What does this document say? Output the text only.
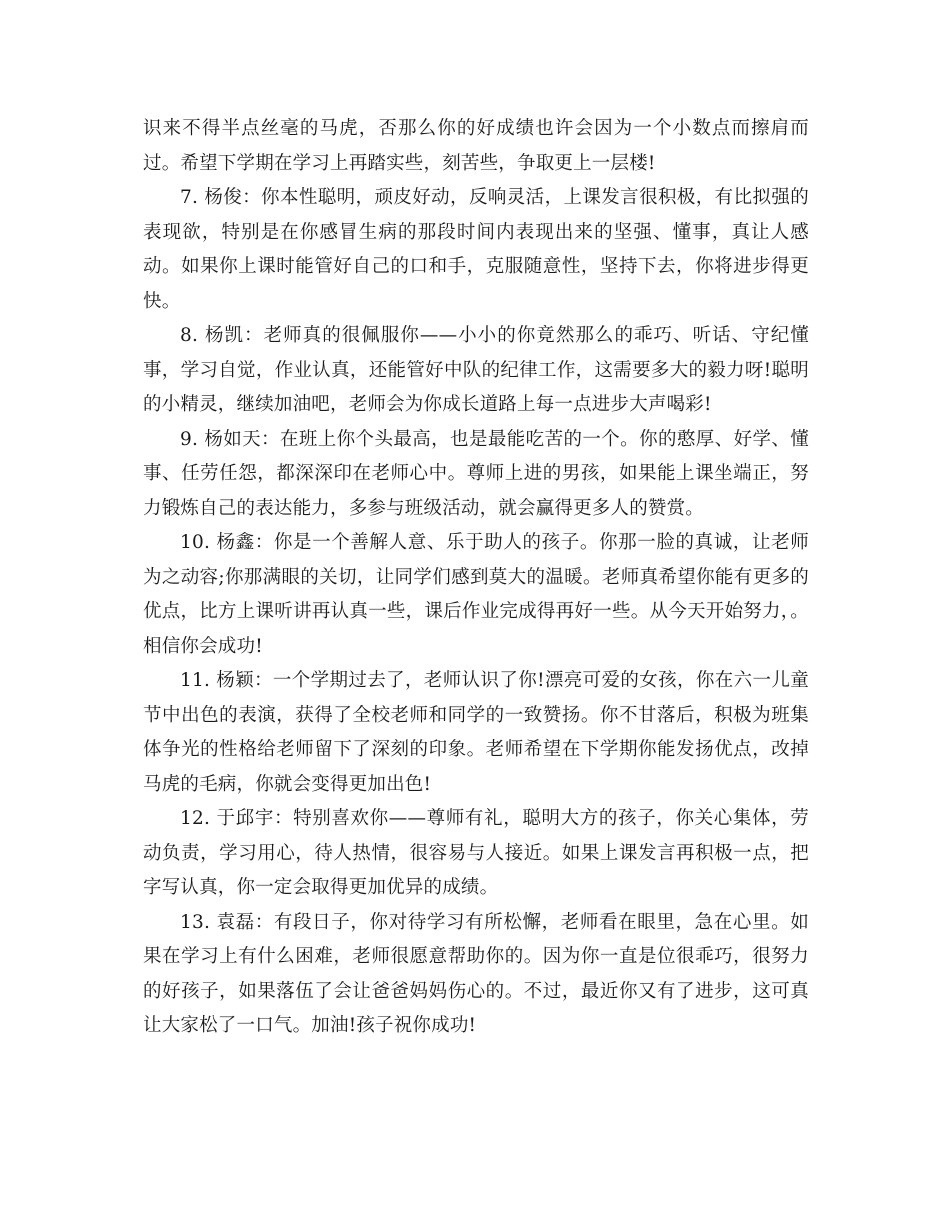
识来不得半点丝毫的马虎，否那么你的好成绩也许会因为一个小数点而擦肩而过。希望下学期在学习上再踏实些，刻苦些，争取更上一层楼!

7. 杨俊：你本性聪明，顽皮好动，反响灵活，上课发言很积极，有比拟强的表现欲，特别是在你感冒生病的那段时间内表现出来的坚强、懂事，真让人感动。如果你上课时能管好自己的口和手，克服随意性，坚持下去，你将进步得更快。

8. 杨凯：老师真的很佩服你——小小的你竟然那么的乖巧、听话、守纪懂事，学习自觉，作业认真，还能管好中队的纪律工作，这需要多大的毅力呀!聪明的小精灵，继续加油吧，老师会为你成长道路上每一点进步大声喝彩!

9. 杨如天：在班上你个头最高，也是最能吃苦的一个。你的憨厚、好学、懂事、任劳任怨，都深深印在老师心中。尊师上进的男孩，如果能上课坐端正，努力锻炼自己的表达能力，多参与班级活动，就会赢得更多人的赞赏。

10. 杨鑫：你是一个善解人意、乐于助人的孩子。你那一脸的真诚，让老师为之动容;你那满眼的关切，让同学们感到莫大的温暖。老师真希望你能有更多的优点，比方上课听讲再认真一些，课后作业完成得再好一些。从今天开始努力，。相信你会成功!

11. 杨颖：一个学期过去了，老师认识了你!漂亮可爱的女孩，你在六一儿童节中出色的表演，获得了全校老师和同学的一致赞扬。你不甘落后，积极为班集体争光的性格给老师留下了深刻的印象。老师希望在下学期你能发扬优点，改掉马虎的毛病，你就会变得更加出色!

12. 于邱宇：特别喜欢你——尊师有礼，聪明大方的孩子，你关心集体，劳动负责，学习用心，待人热情，很容易与人接近。如果上课发言再积极一点，把字写认真，你一定会取得更加优异的成绩。

13. 袁磊：有段日子，你对待学习有所松懈，老师看在眼里，急在心里。如果在学习上有什么困难，老师很愿意帮助你的。因为你一直是位很乖巧，很努力的好孩子，如果落伍了会让爸爸妈妈伤心的。不过，最近你又有了进步，这可真让大家松了一口气。加油!孩子祝你成功!
